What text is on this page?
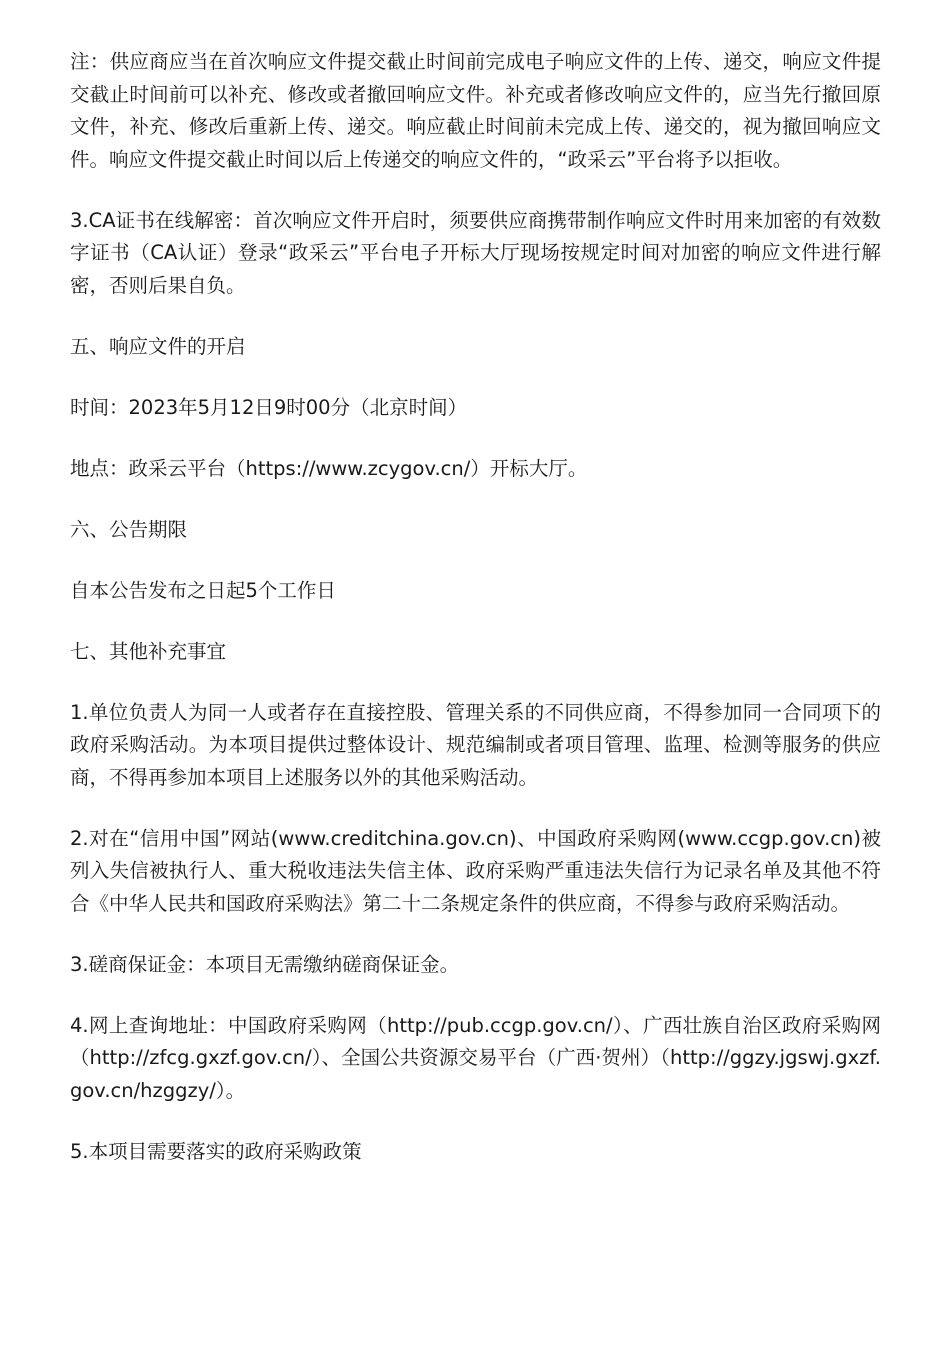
注：供应商应当在首次响应文件提交截止时间前完成电子响应文件的上传、递交，响应文件提交截止时间前可以补充、修改或者撤回响应文件。补充或者修改响应文件的，应当先行撤回原文件，补充、修改后重新上传、递交。响应截止时间前未完成上传、递交的，视为撤回响应文件。响应文件提交截止时间以后上传递交的响应文件的，“政采云”平台将予以拒收。

3.CA证书在线解密：首次响应文件开启时，须要供应商携带制作响应文件时用来加密的有效数字证书（CA认证）登录“政采云”平台电子开标大厅现场按规定时间对加密的响应文件进行解密，否则后果自负。

五、响应文件的开启

时间：2023年5月12日9时00分（北京时间）

地点：政采云平台（https://www.zcygov.cn/）开标大厅。

六、公告期限

自本公告发布之日起5个工作日

七、其他补充事宜

1.单位负责人为同一人或者存在直接控股、管理关系的不同供应商，不得参加同一合同项下的政府采购活动。为本项目提供过整体设计、规范编制或者项目管理、监理、检测等服务的供应商，不得再参加本项目上述服务以外的其他采购活动。

2.对在“信用中国”网站(www.creditchina.gov.cn)、中国政府采购网(www.ccgp.gov.cn)被列入失信被执行人、重大税收违法失信主体、政府采购严重违法失信行为记录名单及其他不符合《中华人民共和国政府采购法》第二十二条规定条件的供应商，不得参与政府采购活动。

3.磋商保证金：本项目无需缴纳磋商保证金。

4.网上查询地址：中国政府采购网（http://pub.ccgp.gov.cn/）、广西壮族自治区政府采购网（http://zfcg.gxzf.gov.cn/）、全国公共资源交易平台（广西·贺州）（http://ggzy.jgswj.gxzf.gov.cn/hzggzy/）。

5.本项目需要落实的政府采购政策
